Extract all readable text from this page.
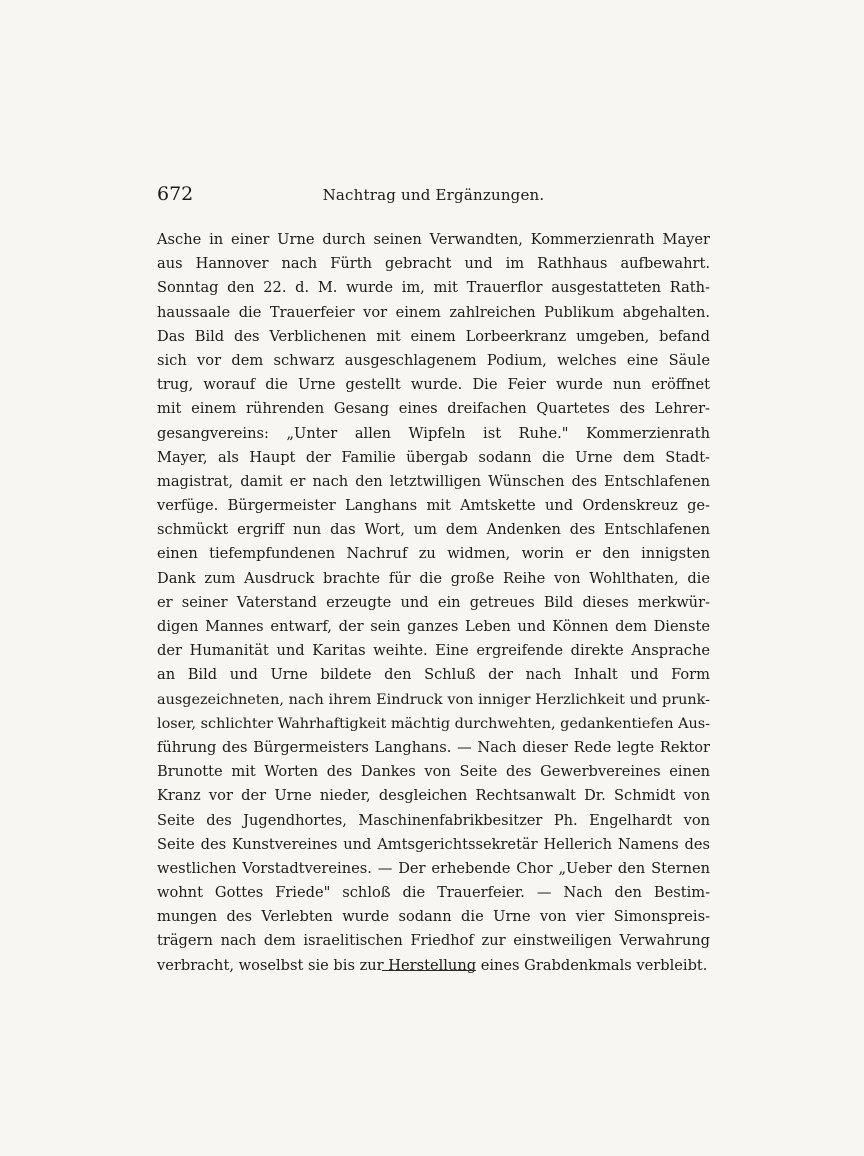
672	Nachtrag und Ergänzungen.
Asche in einer Urne durch seinen Verwandten, Kommerzienrath Mayer
aus Hannover nach Fürth gebracht und im Rathhaus aufbewahrt.
Sonntag den 22. d. M. wurde im, mit Trauerflor ausgestatteten Rath-
haussaale die Trauerfeier vor einem zahlreichen Publikum abgehalten.
Das Bild des Verblichenen mit einem Lorbeerkranz umgeben, befand
sich vor dem schwarz ausgeschlagenem Podium, welches eine Säule
trug, worauf die Urne gestellt wurde. Die Feier wurde nun eröffnet
mit einem rührenden Gesang eines dreifachen Quartetes des Lehrer-
gesangvereins: „Unter allen Wipfeln ist Ruhe." Kommerzienrath
Mayer, als Haupt der Familie übergab sodann die Urne dem Stadt-
magistrat, damit er nach den letztwilligen Wünschen des Entschlafenen
verfüge. Bürgermeister Langhans mit Amtskette und Ordenskreuz ge-
schmückt ergriff nun das Wort, um dem Andenken des Entschlafenen
einen tiefempfundenen Nachruf zu widmen, worin er den innigsten
Dank zum Ausdruck brachte für die große Reihe von Wohlthaten, die
er seiner Vaterstand erzeugte und ein getreues Bild dieses merkwür-
digen Mannes entwarf, der sein ganzes Leben und Können dem Dienste
der Humanität und Karitas weihte. Eine ergreifende direkte Ansprache
an Bild und Urne bildete den Schluß der nach Inhalt und Form
ausgezeichneten, nach ihrem Eindruck von inniger Herzlichkeit und prunk-
loser, schlichter Wahrhaftigkeit mächtig durchwehten, gedankentiefen Aus-
führung des Bürgermeisters Langhans. — Nach dieser Rede legte Rektor
Brunotte mit Worten des Dankes von Seite des Gewerbvereines einen
Kranz vor der Urne nieder, desgleichen Rechtsanwalt Dr. Schmidt von
Seite des Jugendhortes, Maschinenfabrikbesitzer Ph. Engelhardt von
Seite des Kunstvereines und Amtsgerichtssekretär Hellerich Namens des
westlichen Vorstadtvereines. — Der erhebende Chor „Ueber den Sternen
wohnt Gottes Friede" schloß die Trauerfeier. — Nach den Bestim-
mungen des Verlebten wurde sodann die Urne von vier Simonspreis-
trägern nach dem israelitischen Friedhof zur einstweiligen Verwahrung
verbracht, woselbst sie bis zur Herstellung eines Grabdenkmals verbleibt.
